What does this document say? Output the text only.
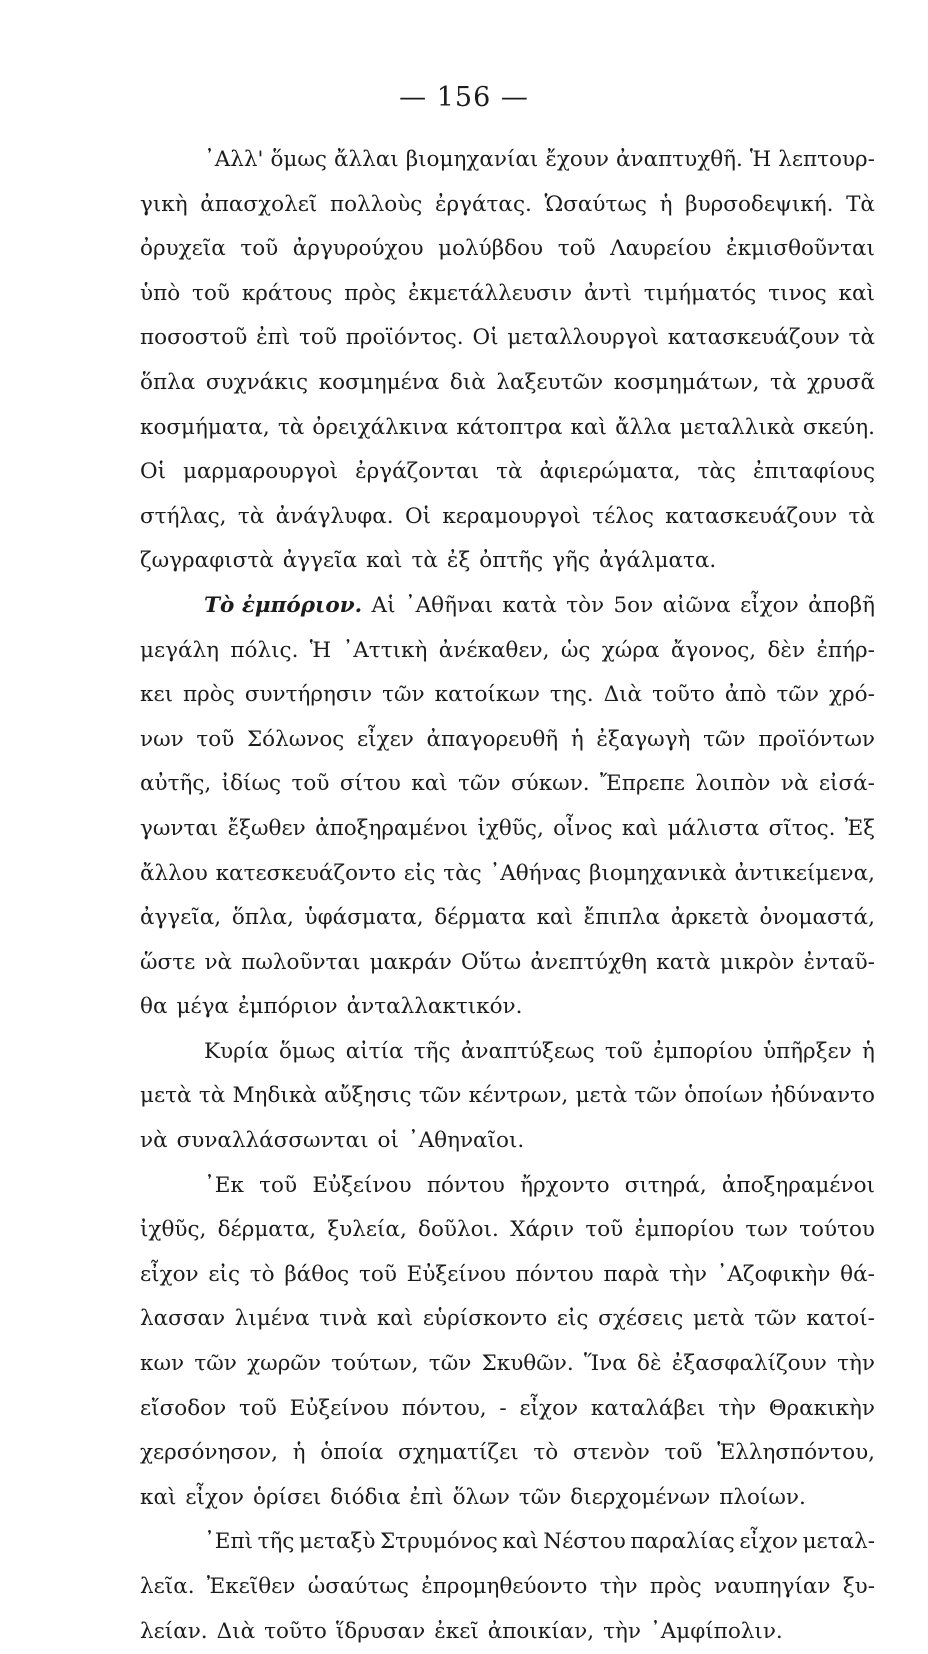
— 156 —
᾿Αλλ' ὅμως ἄλλαι βιομηχανίαι ἔχουν ἀναπτυχθῆ. Ἡ λεπτουρ-
γικὴ ἀπασχολεῖ πολλοὺς ἐργάτας. Ὡσαύτως ἡ βυρσοδεψική. Τὰ
ὀρυχεῖα τοῦ ἀργυρούχου μολύβδου τοῦ Λαυρείου ἐκμισθοῦνται
ὑπὸ τοῦ κράτους πρὸς ἐκμετάλλευσιν ἀντὶ τιμήματός τινος καὶ
ποσοστοῦ ἐπὶ τοῦ προϊόντος. Οἱ μεταλλουργοὶ κατασκευάζουν τὰ
ὅπλα συχνάκις κοσμημένα διὰ λαξευτῶν κοσμημάτων, τὰ χρυσᾶ
κοσμήματα, τὰ ὀρειχάλκινα κάτοπτρα καὶ ἄλλα μεταλλικὰ σκεύη.
Οἱ μαρμαρουργοὶ ἐργάζονται τὰ ἀφιερώματα, τὰς ἐπιταφίους
στήλας, τὰ ἀνάγλυφα. Οἱ κεραμουργοὶ τέλος κατασκευάζουν τὰ
ζωγραφιστὰ ἀγγεῖα καὶ τὰ ἐξ ὀπτῆς γῆς ἀγάλματα.
Τὸ ἐμπόριον. Αἱ ᾿Αθῆναι κατὰ τὸν 5ον αἰῶνα εἶχον ἀποβῆ
μεγάλη πόλις. Ἡ ᾿Αττικὴ ἀνέκαθεν, ὡς χώρα ἄγονος, δὲν ἐπήρ-
κει πρὸς συντήρησιν τῶν κατοίκων της. Διὰ τοῦτο ἀπὸ τῶν χρό-
νων τοῦ Σόλωνος εἶχεν ἀπαγορευθῆ ἡ ἐξαγωγὴ τῶν προϊόντων
αὐτῆς, ἰδίως τοῦ σίτου καὶ τῶν σύκων. Ἔπρεπε λοιπὸν νὰ εἰσά-
γωνται ἔξωθεν ἀποξηραμένοι ἰχθῦς, οἶνος καὶ μάλιστα σῖτος. Ἐξ
ἄλλου κατεσκευάζοντο εἰς τὰς ᾿Αθήνας βιομηχανικὰ ἀντικείμενα,
ἀγγεῖα, ὅπλα, ὑφάσματα, δέρματα καὶ ἔπιπλα ἀρκετὰ ὀνομαστά,
ὥστε νὰ πωλοῦνται μακράν Οὕτω ἀνεπτύχθη κατὰ μικρὸν ἐνταῦ-
θα μέγα ἐμπόριον ἀνταλλακτικόν.
Κυρία ὅμως αἰτία τῆς ἀναπτύξεως τοῦ ἐμπορίου ὑπῆρξεν ἡ
μετὰ τὰ Μηδικὰ αὔξησις τῶν κέντρων, μετὰ τῶν ὁποίων ἠδύναντο
νὰ συναλλάσσωνται οἱ ᾿Αθηναῖοι.
᾿Εκ τοῦ Εὐξείνου πόντου ἤρχοντο σιτηρά, ἀποξηραμένοι
ἰχθῦς, δέρματα, ξυλεία, δοῦλοι. Χάριν τοῦ ἐμπορίου των τούτου
εἶχον εἰς τὸ βάθος τοῦ Εὐξείνου πόντου παρὰ τὴν ᾿Αζοφικὴν θά-
λασσαν λιμένα τινὰ καὶ εὑρίσκοντο εἰς σχέσεις μετὰ τῶν κατοί-
κων τῶν χωρῶν τούτων, τῶν Σκυθῶν. Ἵνα δὲ ἐξασφαλίζουν τὴν
εἴσοδον τοῦ Εὐξείνου πόντου, - εἶχον καταλάβει τὴν Θρακικὴν
χερσόνησον, ἡ ὁποία σχηματίζει τὸ στενὸν τοῦ Ἑλλησπόντου,
καὶ εἶχον ὁρίσει διόδια ἐπὶ ὅλων τῶν διερχομένων πλοίων.
᾿Επὶ τῆς μεταξὺ Στρυμόνος καὶ Νέστου παραλίας εἶχον μεταλ-
λεῖα. Ἐκεῖθεν ὡσαύτως ἐπρομηθεύοντο τὴν πρὸς ναυπηγίαν ξυ-
λείαν. Διὰ τοῦτο ἵδρυσαν ἐκεῖ ἀποικίαν, τὴν ᾿Αμφίπολιν.
